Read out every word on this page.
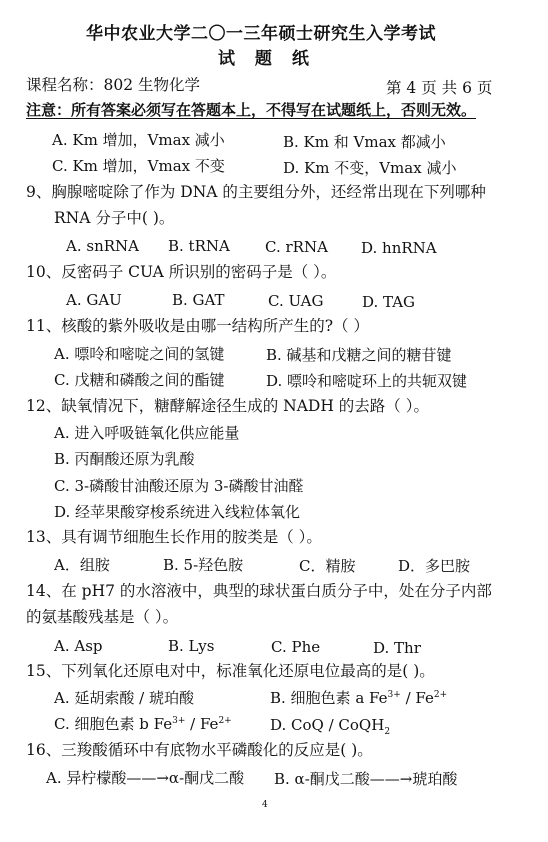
华中农业大学二〇一三年硕士研究生入学考试
试 题 纸
课程名称：802 生物化学	第 4 页 共 6 页
注意：所有答案必须写在答题本上，不得写在试题纸上，否则无效。
A. Km 增加，Vmax 减小	B. Km 和 Vmax 都减小
C. Km 增加，Vmax 不变	D. Km 不变，Vmax 减小
9、胸腺嘧啶除了作为 DNA 的主要组分外，还经常出现在下列哪种
RNA 分子中( )。
A. snRNA B. tRNA C. rRNA D. hnRNA
10、反密码子 CUA 所识别的密码子是（ ）。
A. GAU	B. GAT	C. UAG	D. TAG
11、核酸的紫外吸收是由哪一结构所产生的?（ ）
A. 嘌呤和嘧啶之间的氢键	B. 碱基和戊糖之间的糖苷键
C. 戊糖和磷酸之间的酯键	D. 嘌呤和嘧啶环上的共轭双键
12、缺氧情况下，糖酵解途径生成的 NADH 的去路（ ）。
A. 进入呼吸链氧化供应能量
B. 丙酮酸还原为乳酸
C. 3-磷酸甘油酸还原为 3-磷酸甘油醛
D. 经苹果酸穿梭系统进入线粒体氧化
13、具有调节细胞生长作用的胺类是（ ）。
A．组胺	B. 5-羟色胺	C．精胺	D．多巴胺
14、在 pH7 的水溶液中，典型的球状蛋白质分子中，处在分子内部
的氨基酸残基是（ ）。
A. Asp	B. Lys	C. Phe	D. Thr
15、下列氧化还原电对中，标准氧化还原电位最高的是( )。
A. 延胡索酸 / 琥珀酸	B. 细胞色素 a $Fe^{3+} / Fe^{2+}$
C. 细胞色素 b $Fe^{3+} / Fe^{2+}$	D. CoQ / CoQH$_2$
16、三羧酸循环中有底物水平磷酸化的反应是( )。
A. 异柠檬酸——→α-酮戊二酸 B. α-酮戊二酸——→琥珀酸
4
